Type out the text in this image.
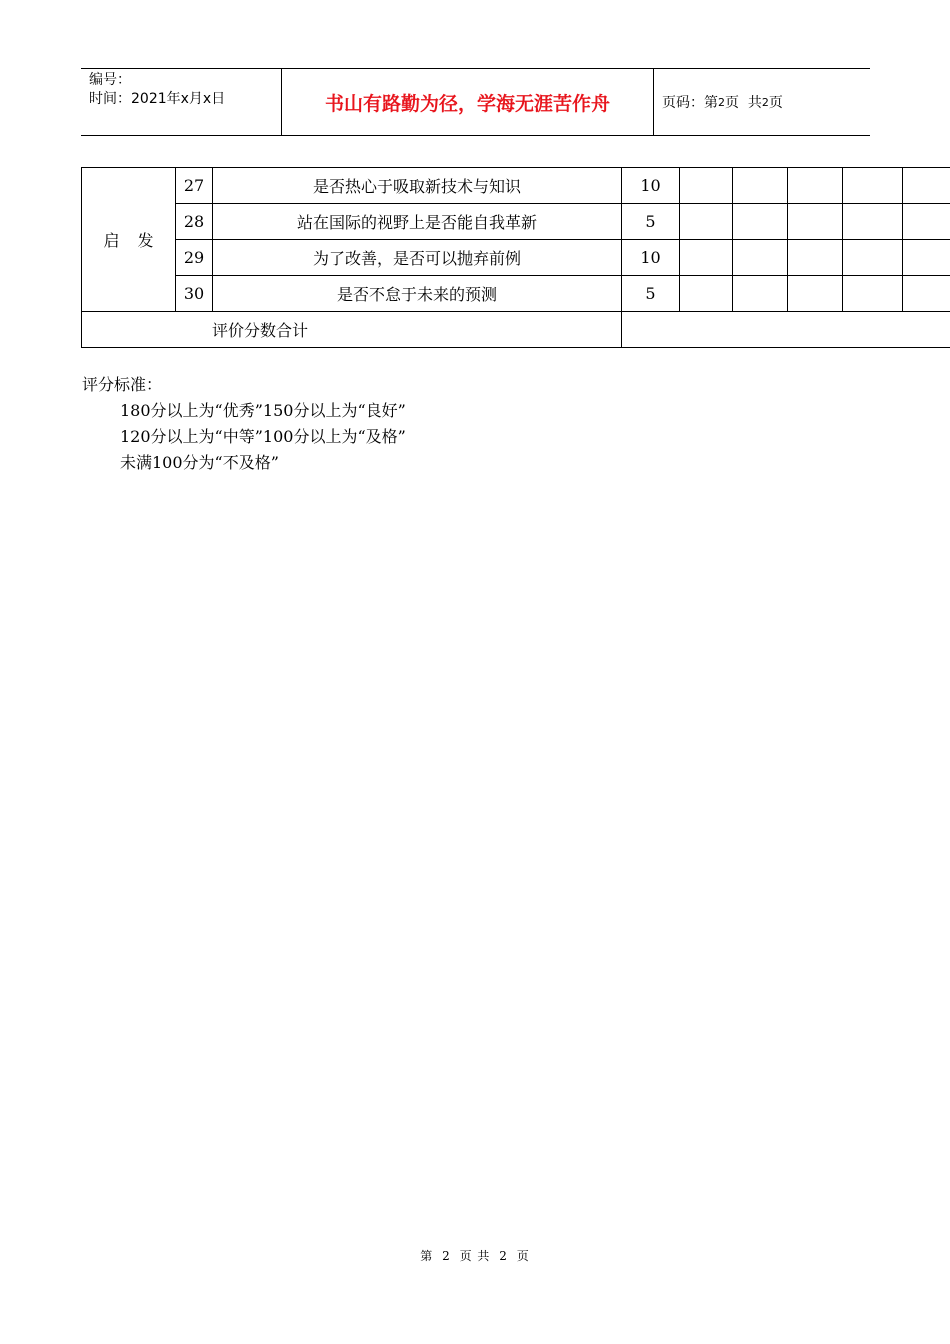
编号：
时间：2021年x月x日	书山有路勤为径，学海无涯苦作舟	页码：第 2 页  共 2 页
启发	27	是否热心于吸取新技术与知识	10					
	28	站在国际的视野上是否能自我革新	5					
	29	为了改善，是否可以抛弃前例	10					
	30	是否不怠于未来的预测	5					
评价分数合计								
评分标准：
180分以上为“优秀”150分以上为“良好”
120分以上为“中等”100分以上为“及格”
未满100分为“不及格”
第 2 页 共 2 页
